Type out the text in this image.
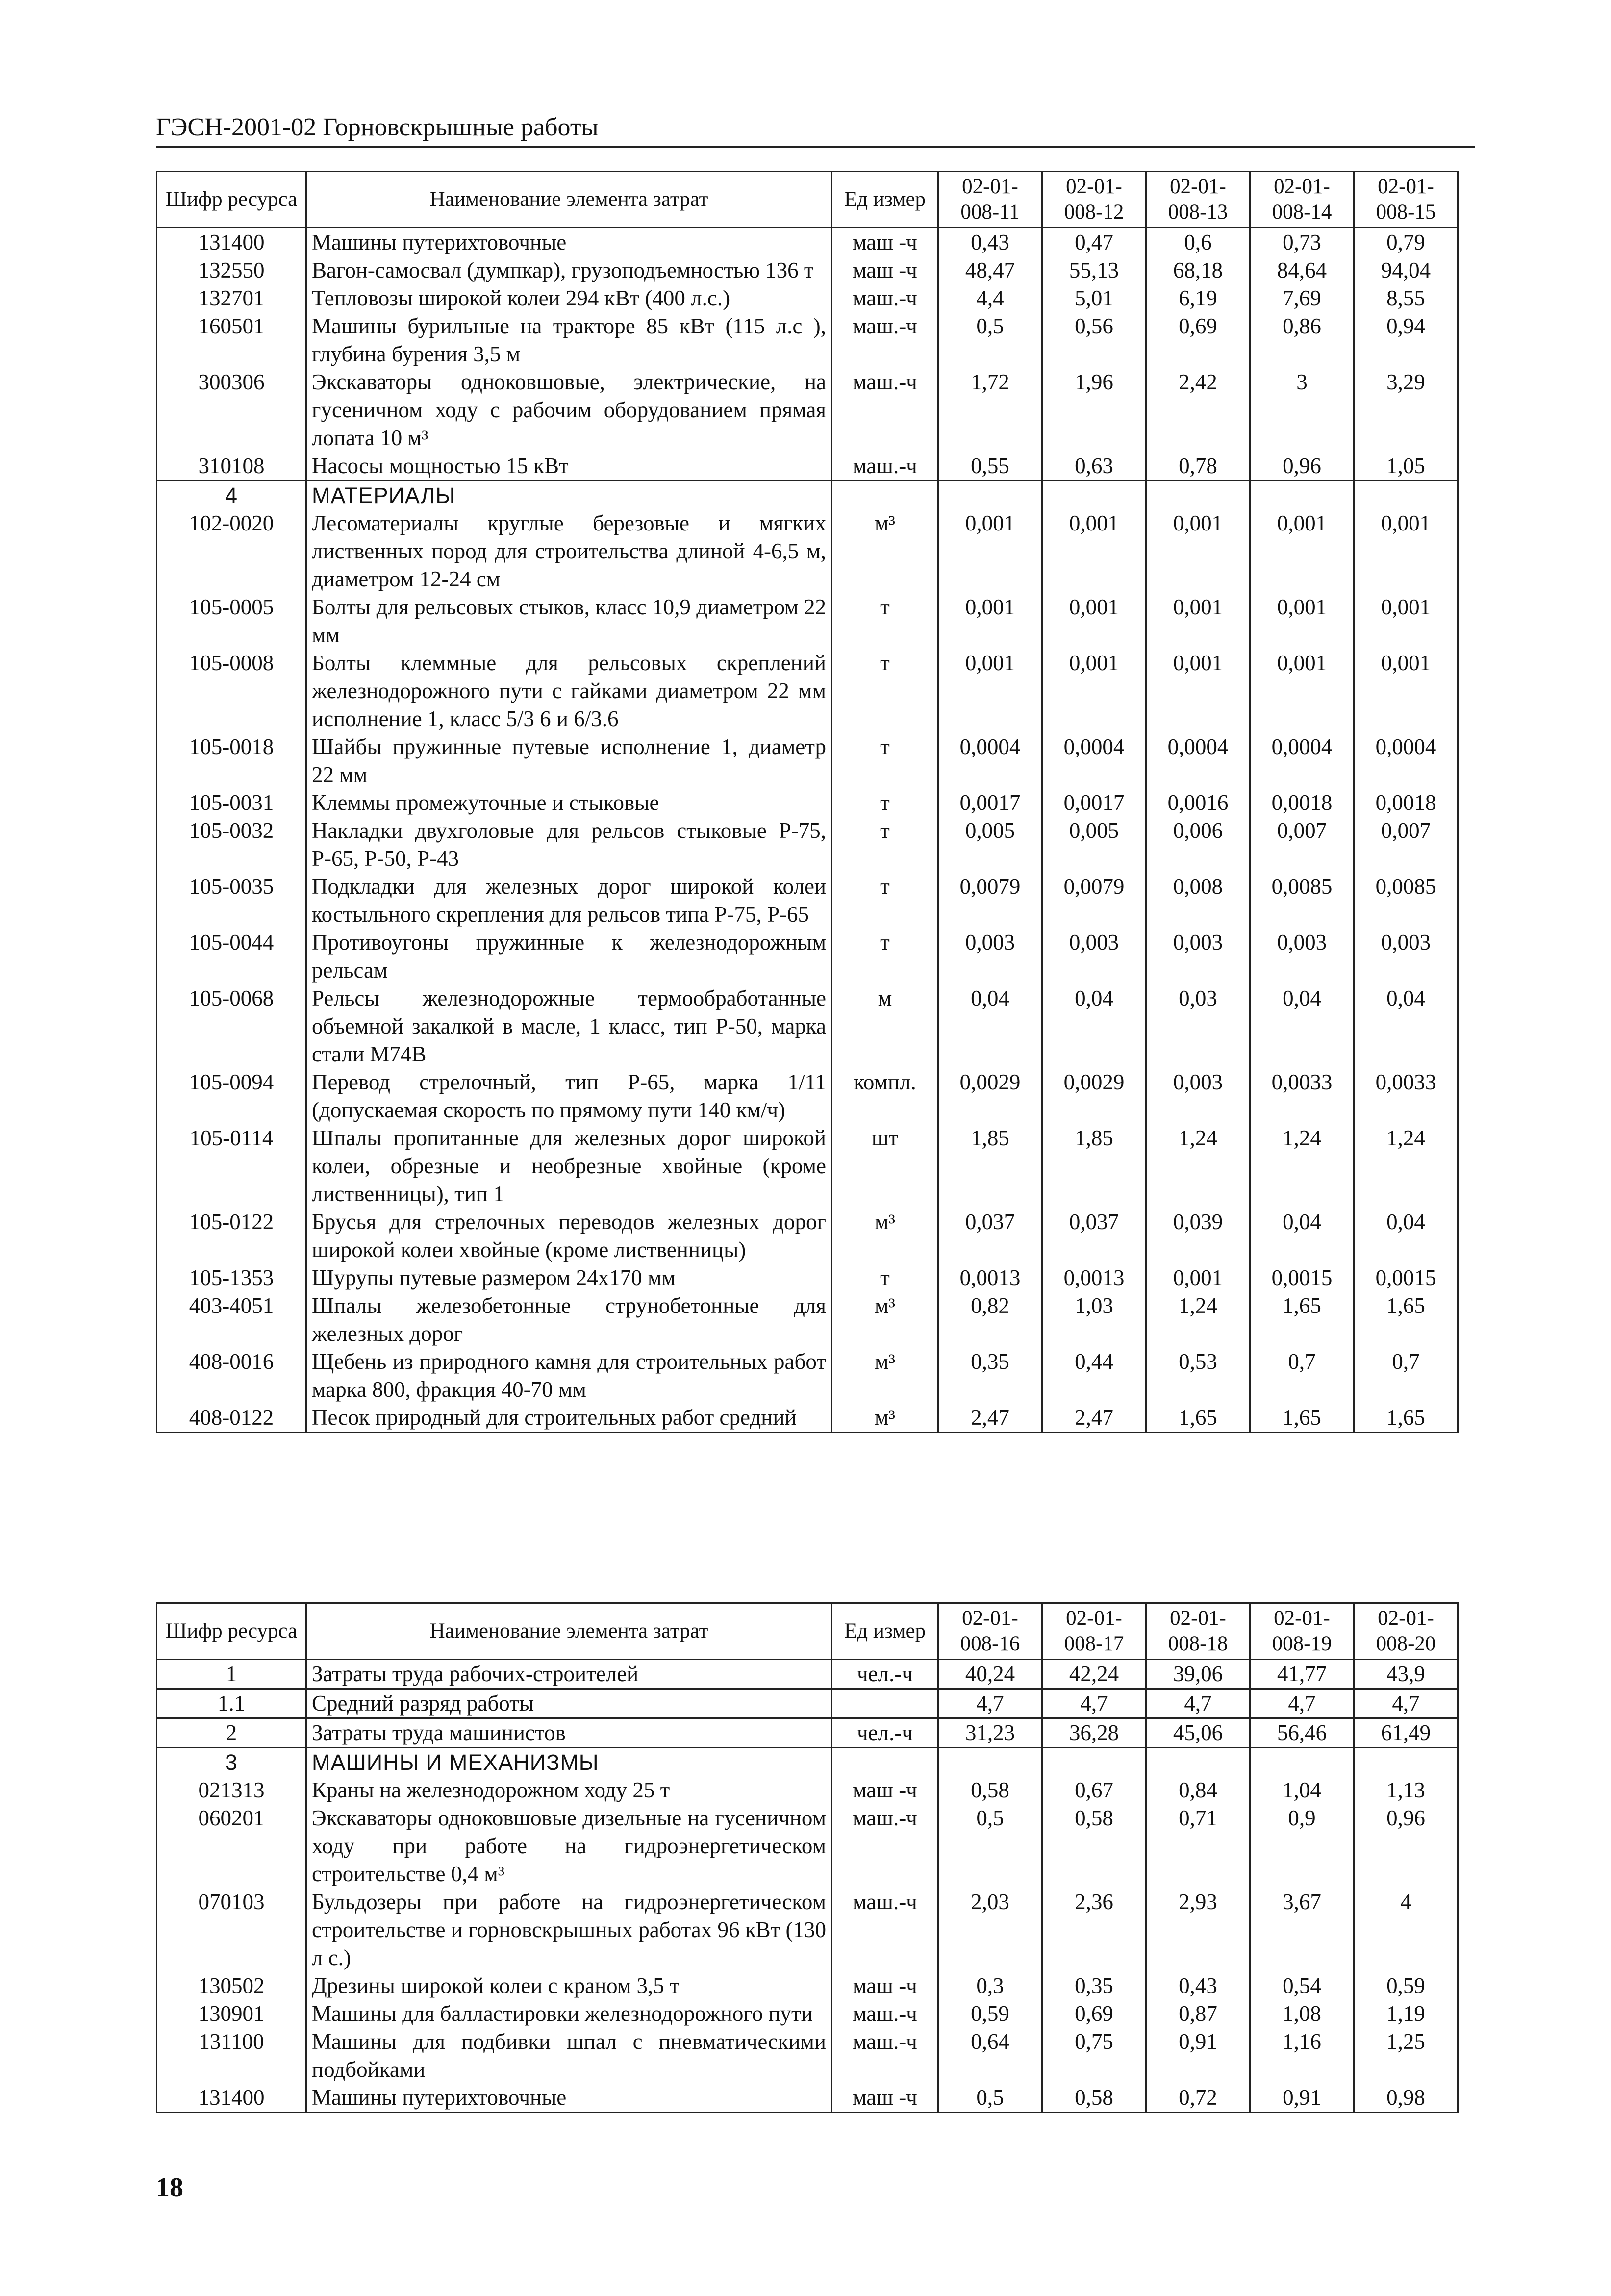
ГЭСН-2001-02 Горновскрышные работы
Шифр ресурса	Наименование элемента затрат	Ед измер	02-01-008-11	02-01-008-12	02-01-008-13	02-01-008-14	02-01-008-15
131400	Машины путерихтовочные	маш -ч	0,43	0,47	0,6	0,73	0,79
132550	Вагон-самосвал (думпкар), грузоподъемностью 136 т	маш -ч	48,47	55,13	68,18	84,64	94,04
132701	Тепловозы широкой колеи 294 кВт (400 л.с.)	маш.-ч	4,4	5,01	6,19	7,69	8,55
160501	Машины бурильные на тракторе 85 кВт (115 л.с ), глубина бурения 3,5 м	маш.-ч	0,5	0,56	0,69	0,86	0,94
300306	Экскаваторы одноковшовые, электрические, на гусеничном ходу с рабочим оборудованием прямая лопата 10 м³	маш.-ч	1,72	1,96	2,42	3	3,29
310108	Насосы мощностью 15 кВт	маш.-ч	0,55	0,63	0,78	0,96	1,05
4	МАТЕРИАЛЫ						
102-0020	Лесоматериалы круглые березовые и мягких лиственных пород для строительства длиной 4-6,5 м, диаметром 12-24 см	м³	0,001	0,001	0,001	0,001	0,001
105-0005	Болты для рельсовых стыков, класс 10,9 диаметром 22 мм	т	0,001	0,001	0,001	0,001	0,001
105-0008	Болты клеммные для рельсовых скреплений железнодорожного пути с гайками диаметром 22 мм исполнение 1, класс 5/3 6 и 6/3.6	т	0,001	0,001	0,001	0,001	0,001
105-0018	Шайбы пружинные путевые исполнение 1, диаметр 22 мм	т	0,0004	0,0004	0,0004	0,0004	0,0004
105-0031	Клеммы промежуточные и стыковые	т	0,0017	0,0017	0,0016	0,0018	0,0018
105-0032	Накладки двухголовые для рельсов стыковые Р-75, Р-65, Р-50, Р-43	т	0,005	0,005	0,006	0,007	0,007
105-0035	Подкладки для железных дорог широкой колеи костыльного скрепления для рельсов типа Р-75, Р-65	т	0,0079	0,0079	0,008	0,0085	0,0085
105-0044	Противоугоны пружинные к железнодорожным рельсам	т	0,003	0,003	0,003	0,003	0,003
105-0068	Рельсы железнодорожные термообработанные объемной закалкой в масле, 1 класс, тип Р-50, марка стали М74В	м	0,04	0,04	0,03	0,04	0,04
105-0094	Перевод стрелочный, тип Р-65, марка 1/11 (допускаемая скорость по прямому пути 140 км/ч)	компл.	0,0029	0,0029	0,003	0,0033	0,0033
105-0114	Шпалы пропитанные для железных дорог широкой колеи, обрезные и необрезные хвойные (кроме лиственницы), тип 1	шт	1,85	1,85	1,24	1,24	1,24
105-0122	Брусья для стрелочных переводов железных дорог широкой колеи хвойные (кроме лиственницы)	м³	0,037	0,037	0,039	0,04	0,04
105-1353	Шурупы путевые размером 24х170 мм	т	0,0013	0,0013	0,001	0,0015	0,0015
403-4051	Шпалы железобетонные струнобетонные для железных дорог	м³	0,82	1,03	1,24	1,65	1,65
408-0016	Щебень из природного камня для строительных работ марка 800, фракция 40-70 мм	м³	0,35	0,44	0,53	0,7	0,7
408-0122	Песок природный для строительных работ средний	м³	2,47	2,47	1,65	1,65	1,65
Шифр ресурса	Наименование элемента затрат	Ед измер	02-01-008-16	02-01-008-17	02-01-008-18	02-01-008-19	02-01-008-20
1	Затраты труда рабочих-строителей	чел.-ч	40,24	42,24	39,06	41,77	43,9
1.1	Средний разряд работы		4,7	4,7	4,7	4,7	4,7
2	Затраты труда машинистов	чел.-ч	31,23	36,28	45,06	56,46	61,49
3	МАШИНЫ И МЕХАНИЗМЫ						
021313	Краны на железнодорожном ходу 25 т	маш -ч	0,58	0,67	0,84	1,04	1,13
060201	Экскаваторы одноковшовые дизельные на гусеничном ходу при работе на гидроэнергетическом строительстве 0,4 м³	маш.-ч	0,5	0,58	0,71	0,9	0,96
070103	Бульдозеры при работе на гидроэнергетическом строительстве и горновскрышных работах 96 кВт (130 л с.)	маш.-ч	2,03	2,36	2,93	3,67	4
130502	Дрезины широкой колеи с краном 3,5 т	маш -ч	0,3	0,35	0,43	0,54	0,59
130901	Машины для балластировки железнодорожного пути	маш.-ч	0,59	0,69	0,87	1,08	1,19
131100	Машины для подбивки шпал с пневматическими подбойками	маш.-ч	0,64	0,75	0,91	1,16	1,25
131400	Машины путерихтовочные	маш -ч	0,5	0,58	0,72	0,91	0,98
18
